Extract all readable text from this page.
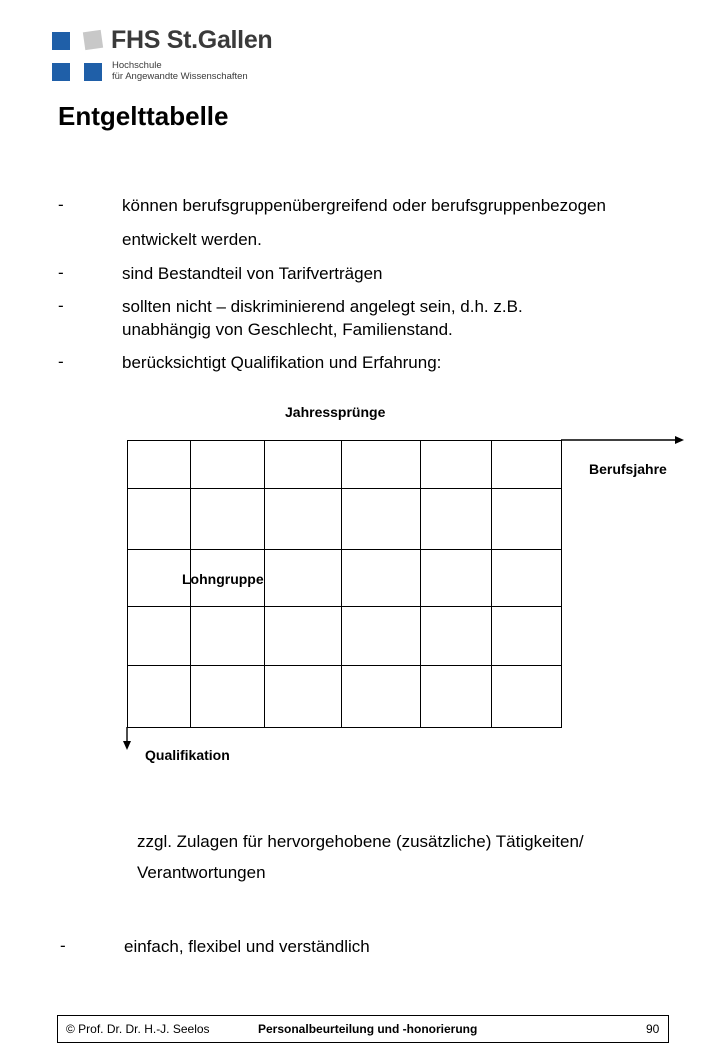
FHS St.Gallen
Hochschule
für Angewandte Wissenschaften
Entgelttabelle
-	können berufsgruppenübergreifend oder berufsgruppenbezogen
entwickelt werden.
-	sind Bestandteil von Tarifverträgen
-	sollten nicht – diskriminierend angelegt sein, d.h. z.B.
unabhängig von Geschlecht, Familienstand.
-	berücksichtigt Qualifikation und Erfahrung:
Jahressprünge
Berufsjahre
Lohngruppe
Qualifikation
zzgl. Zulagen für hervorgehobene (zusätzliche) Tätigkeiten/
Verantwortungen
-	einfach, flexibel und verständlich
© Prof. Dr. Dr. H.-J. Seelos	Personalbeurteilung und -honorierung	90
